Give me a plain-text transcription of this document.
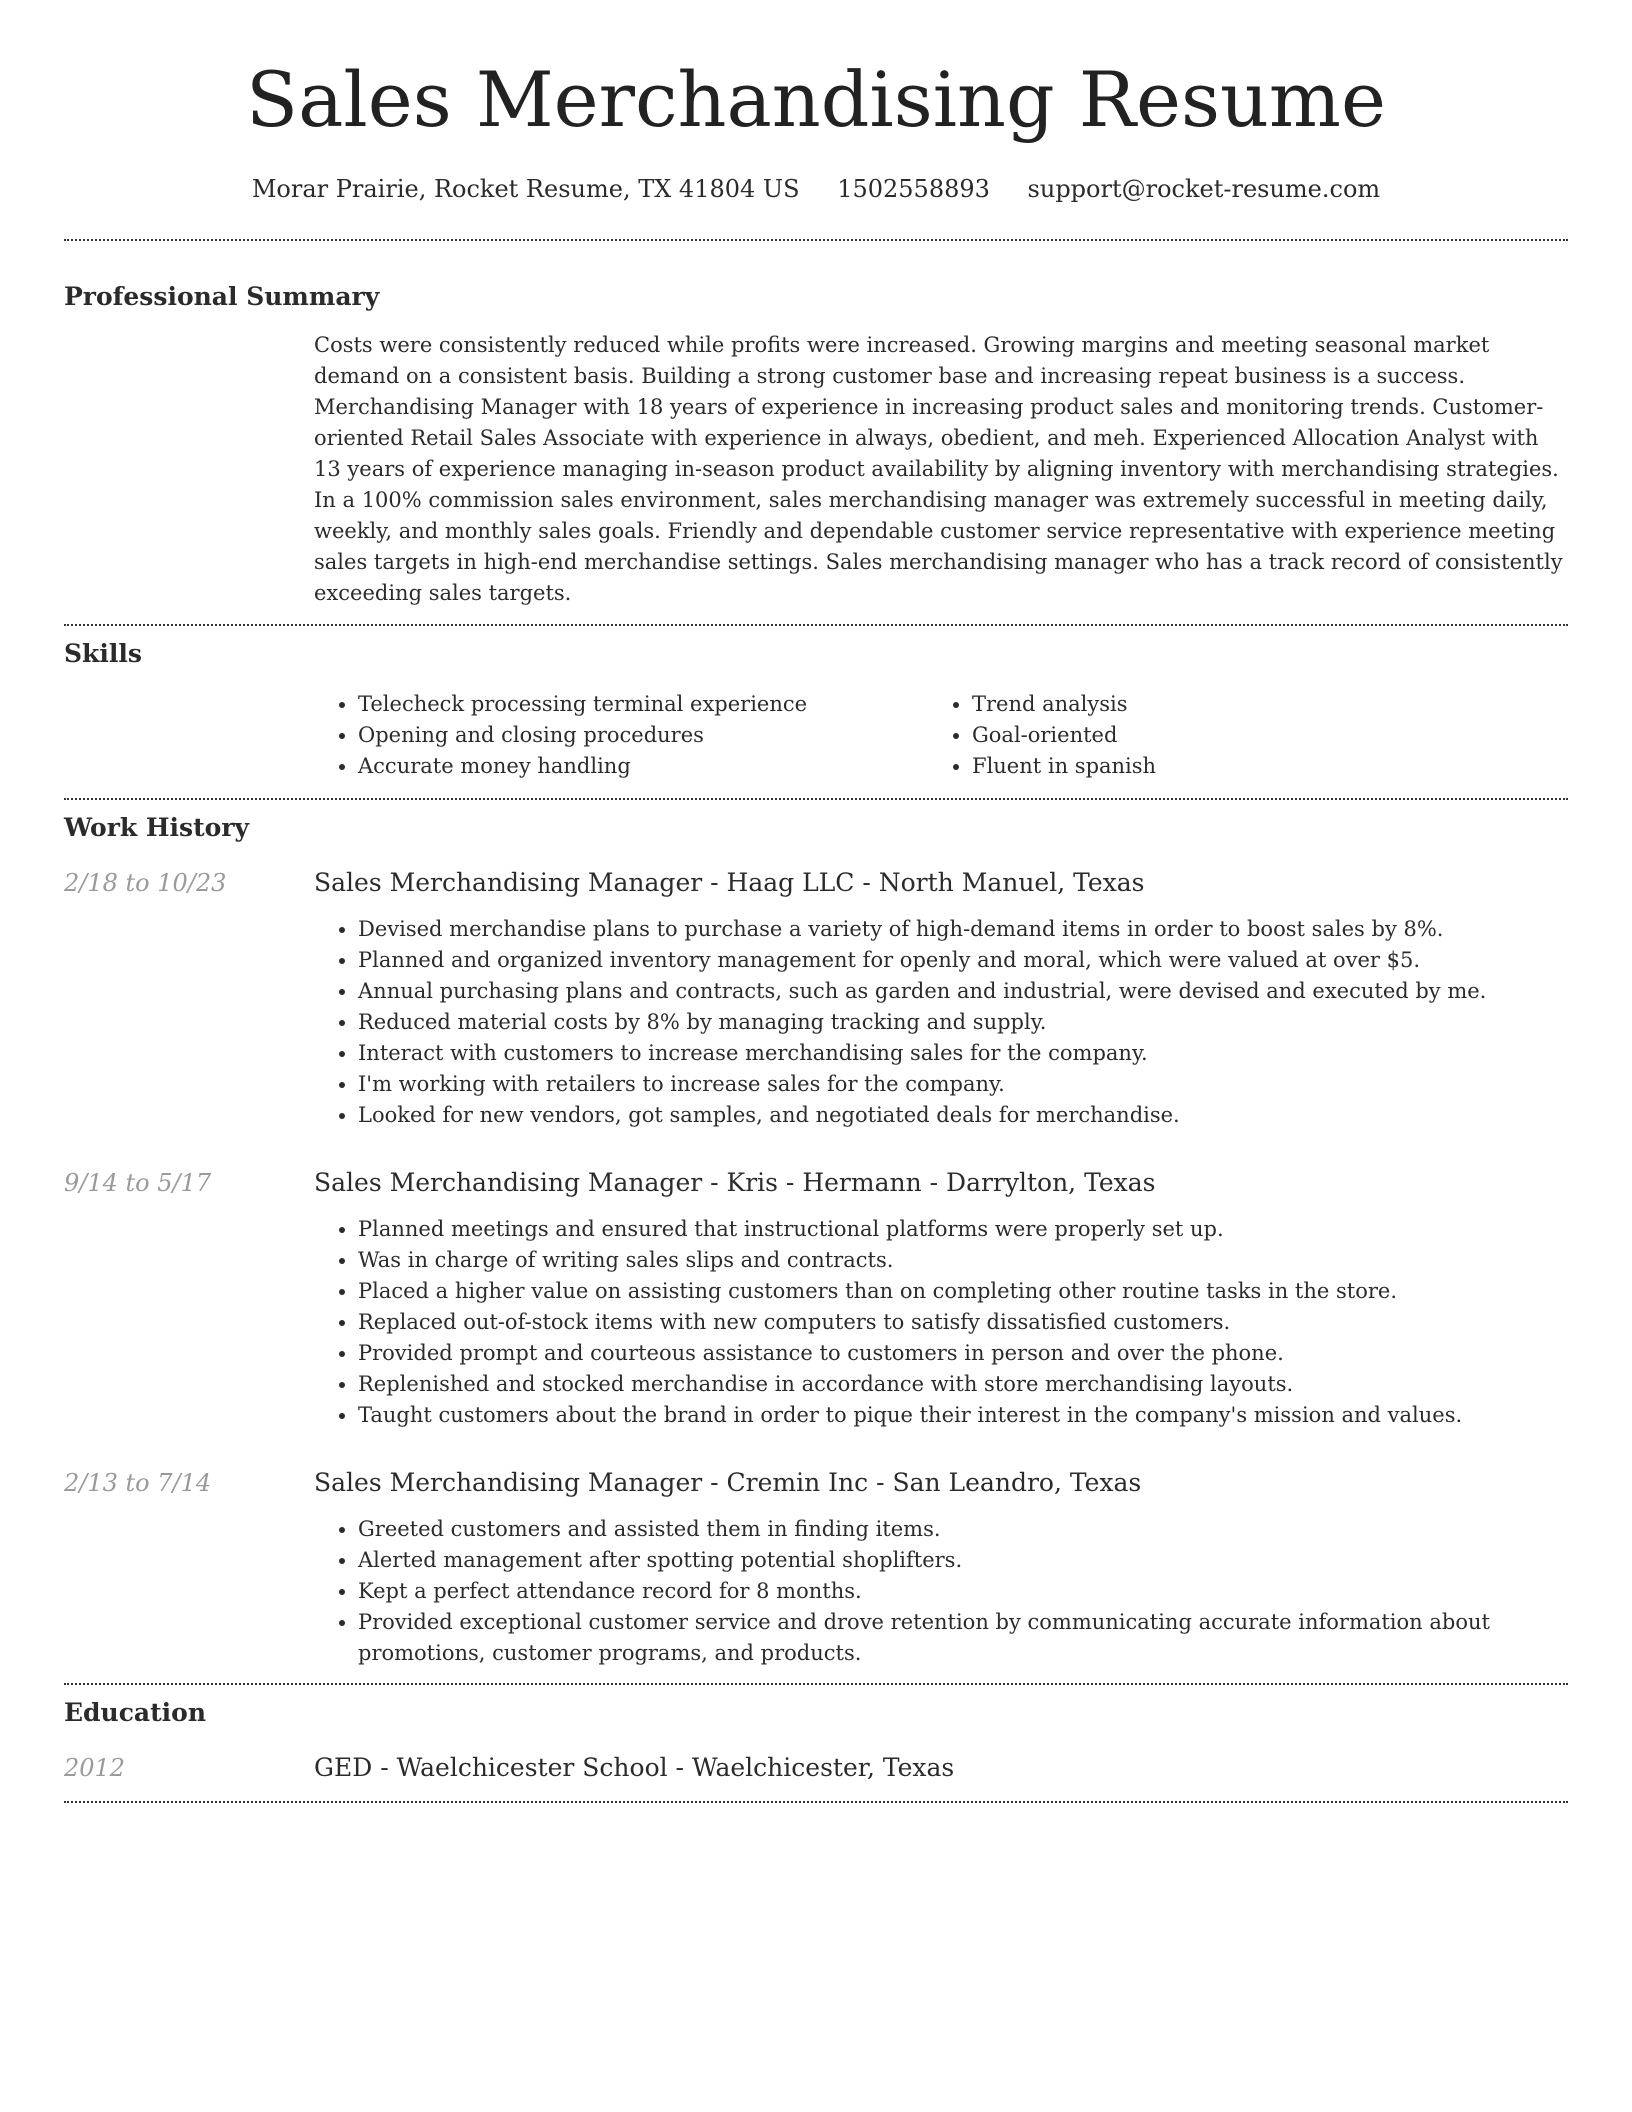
Sales Merchandising Resume
Morar Prairie, Rocket Resume, TX 41804 US 1502558893 support@rocket-resume.com
Professional Summary

Costs were consistently reduced while profits were increased. Growing margins and meeting seasonal market demand on a consistent basis. Building a strong customer base and increasing repeat business is a success. Merchandising Manager with 18 years of experience in increasing product sales and monitoring trends. Customer-oriented Retail Sales Associate with experience in always, obedient, and meh. Experienced Allocation Analyst with 13 years of experience managing in-season product availability by aligning inventory with merchandising strategies. In a 100% commission sales environment, sales merchandising manager was extremely successful in meeting daily, weekly, and monthly sales goals. Friendly and dependable customer service representative with experience meeting sales targets in high-end merchandise settings. Sales merchandising manager who has a track record of consistently exceeding sales targets.

Skills
• Telecheck processing terminal experience
• Opening and closing procedures
• Accurate money handling
• Trend analysis
• Goal-oriented
• Fluent in spanish
Work History
2/18 to 10/23	Sales Merchandising Manager - Haag LLC - North Manuel, Texas
• Devised merchandise plans to purchase a variety of high-demand items in order to boost sales by 8%.
• Planned and organized inventory management for openly and moral, which were valued at over $5.
• Annual purchasing plans and contracts, such as garden and industrial, were devised and executed by me.
• Reduced material costs by 8% by managing tracking and supply.
• Interact with customers to increase merchandising sales for the company.
• I'm working with retailers to increase sales for the company.
• Looked for new vendors, got samples, and negotiated deals for merchandise.
9/14 to 5/17	Sales Merchandising Manager - Kris - Hermann - Darrylton, Texas
• Planned meetings and ensured that instructional platforms were properly set up.
• Was in charge of writing sales slips and contracts.
• Placed a higher value on assisting customers than on completing other routine tasks in the store.
• Replaced out-of-stock items with new computers to satisfy dissatisfied customers.
• Provided prompt and courteous assistance to customers in person and over the phone.
• Replenished and stocked merchandise in accordance with store merchandising layouts.
• Taught customers about the brand in order to pique their interest in the company's mission and values.
2/13 to 7/14	Sales Merchandising Manager - Cremin Inc - San Leandro, Texas
• Greeted customers and assisted them in finding items.
• Alerted management after spotting potential shoplifters.
• Kept a perfect attendance record for 8 months.
• Provided exceptional customer service and drove retention by communicating accurate information about promotions, customer programs, and products.
Education
2012	GED - Waelchicester School - Waelchicester, Texas
